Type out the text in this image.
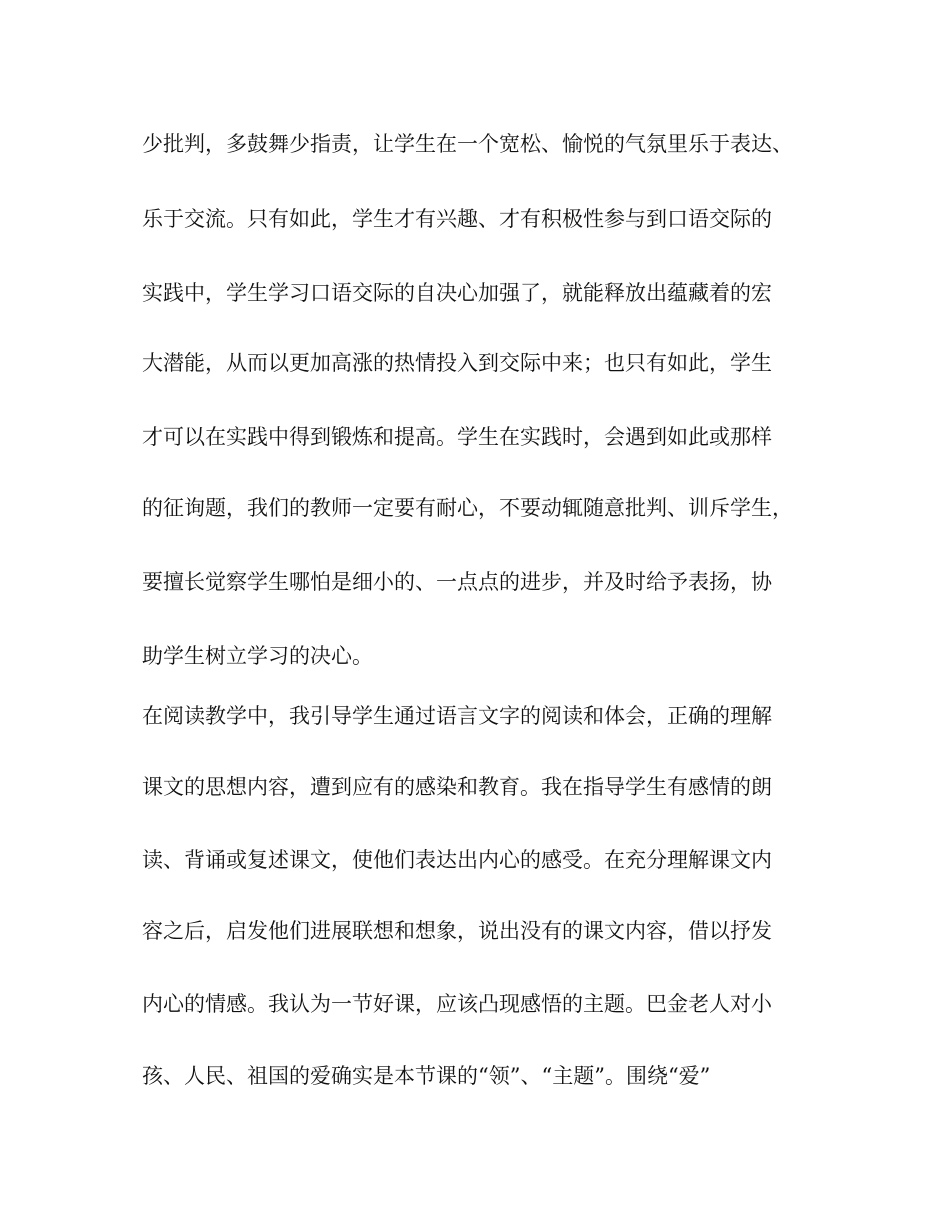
少批判，多鼓舞少指责，让学生在一个宽松、愉悦的气氛里乐于表达、

乐于交流。只有如此，学生才有兴趣、才有积极性参与到口语交际的

实践中，学生学习口语交际的自决心加强了，就能释放出蕴藏着的宏

大潜能，从而以更加高涨的热情投入到交际中来；也只有如此，学生

才可以在实践中得到锻炼和提高。学生在实践时，会遇到如此或那样

的征询题，我们的教师一定要有耐心，不要动辄随意批判、训斥学生，

要擅长觉察学生哪怕是细小的、一点点的进步，并及时给予表扬，协

助学生树立学习的决心。

在阅读教学中，我引导学生通过语言文字的阅读和体会，正确的理解

课文的思想内容，遭到应有的感染和教育。我在指导学生有感情的朗

读、背诵或复述课文，使他们表达出内心的感受。在充分理解课文内

容之后，启发他们进展联想和想象，说出没有的课文内容，借以抒发

内心的情感。我认为一节好课，应该凸现感悟的主题。巴金老人对小

孩、人民、祖国的爱确实是本节课的“领”、“主题”。围绕“爱”
